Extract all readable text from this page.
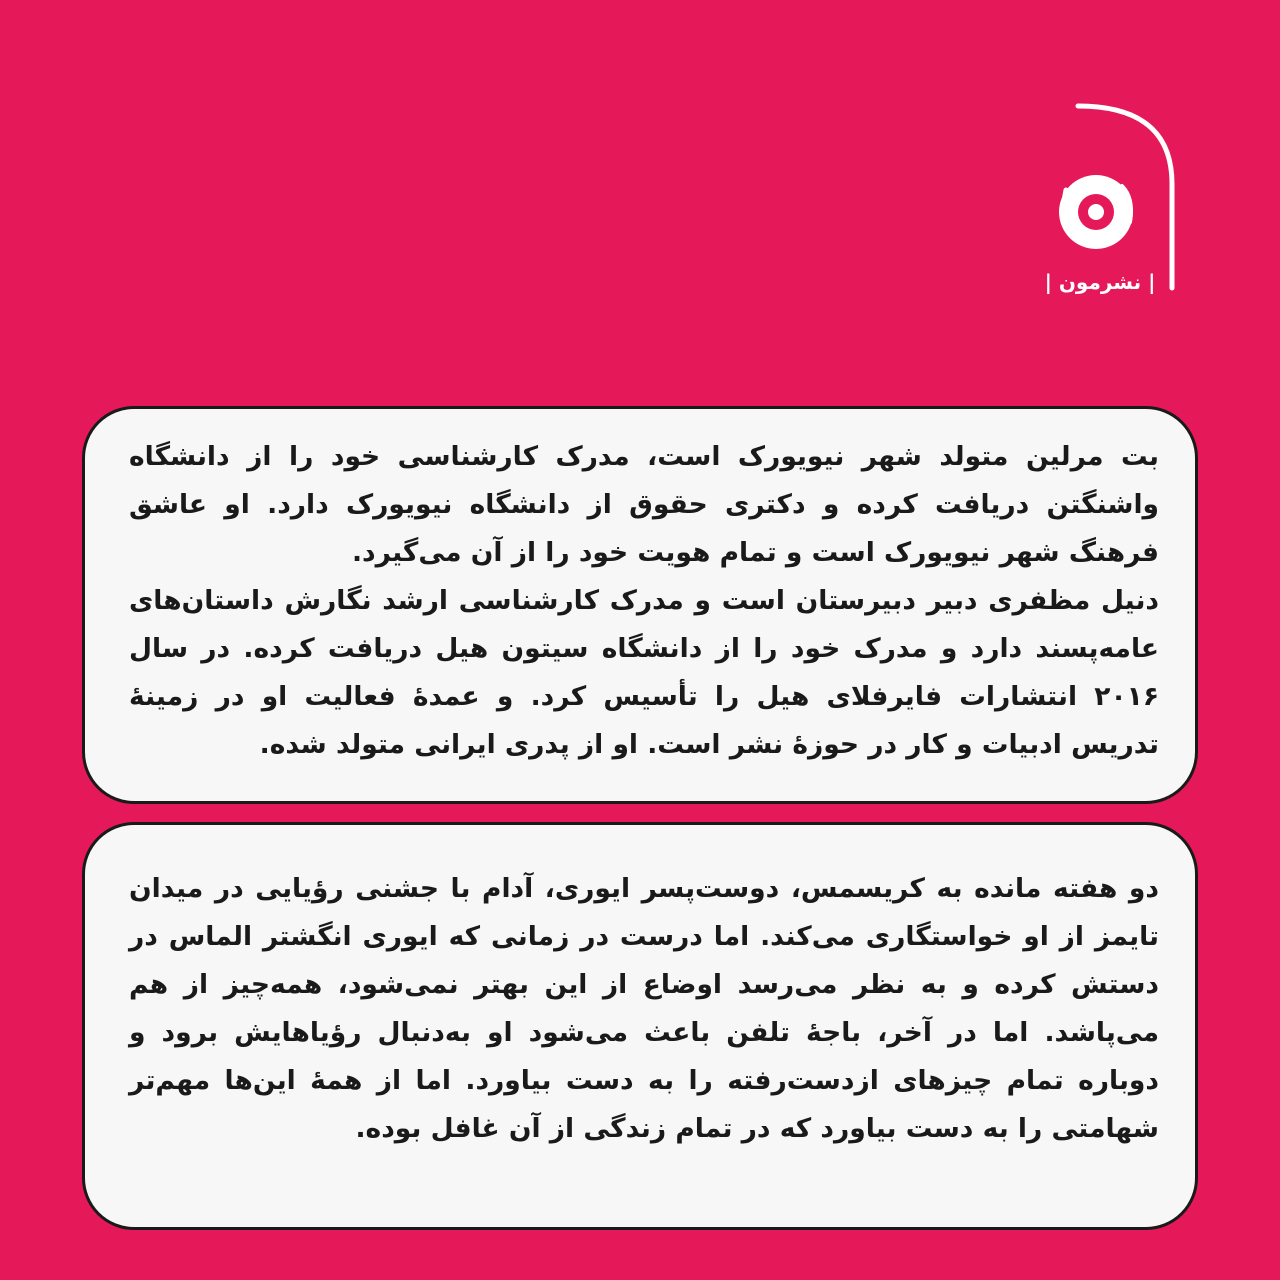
| نشرمون |

بت مرلین متولد شهر نیویورک است، مدرک کارشناسی خود را از دانشگاه واشنگتن دریافت کرده و دکتری حقوق از دانشگاه نیویورک دارد. او عاشق فرهنگ شهر نیویورک است و تمام هویت خود را از آن می‌گیرد.

دنیل مظفری دبیر دبیرستان است و مدرک کارشناسی ارشد نگارش داستان‌های عامه‌پسند دارد و مدرک خود را از دانشگاه سیتون هیل دریافت کرده. در سال ۲۰۱۶ انتشارات فایرفلای هیل را تأسیس کرد. و عمدهٔ فعالیت او در زمینهٔ تدریس ادبیات و کار در حوزهٔ نشر است. او از پدری ایرانی متولد شده.

دو هفته مانده به کریسمس، دوست‌پسر ایوری، آدام با جشنی رؤیایی در میدان تایمز از او خواستگاری می‌کند. اما درست در زمانی که ایوری انگشتر الماس در دستش کرده و به نظر می‌رسد اوضاع از این بهتر نمی‌شود، همه‌چیز از هم می‌پاشد. اما در آخر، باجهٔ تلفن باعث می‌شود او به‌دنبال رؤیاهایش برود و دوباره تمام چیزهای ازدست‌رفته را به دست بیاورد. اما از همهٔ این‌ها مهم‌تر شهامتی را به دست بیاورد که در تمام زندگی از آن غافل بوده.
